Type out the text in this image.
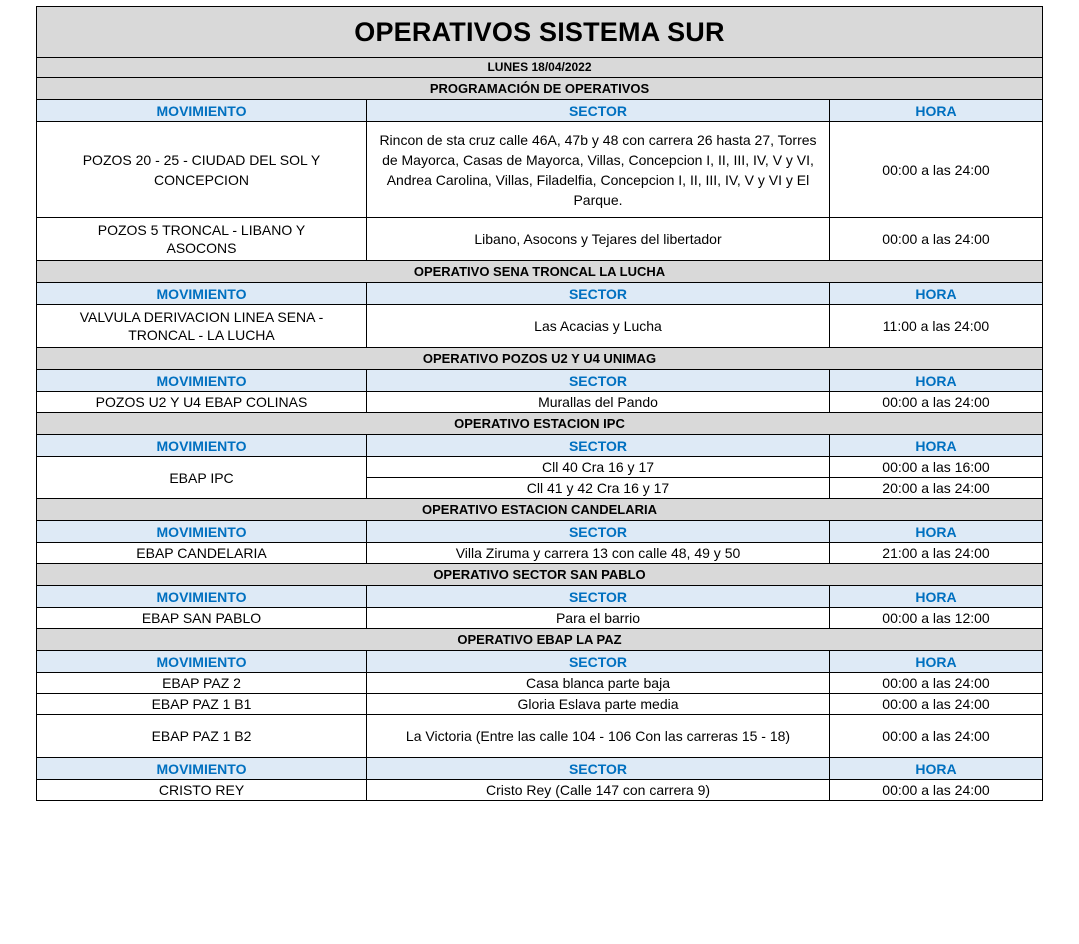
OPERATIVOS SISTEMA SUR		
LUNES 18/04/2022		
PROGRAMACIÓN DE OPERATIVOS		
MOVIMIENTO	SECTOR	HORA
POZOS 20 - 25 - CIUDAD DEL SOL Y CONCEPCION	Rincon de sta cruz calle 46A, 47b y 48 con carrera 26 hasta 27, Torres de Mayorca, Casas de Mayorca, Villas, Concepcion I, II, III, IV, V y VI, Andrea Carolina, Villas, Filadelfia, Concepcion I, II, III, IV, V y VI y El Parque.	00:00 a las 24:00
POZOS 5 TRONCAL - LIBANO Y ASOCONS	Libano, Asocons y Tejares del libertador	00:00 a las 24:00
OPERATIVO SENA TRONCAL LA LUCHA		
MOVIMIENTO	SECTOR	HORA
VALVULA DERIVACION LINEA SENA - TRONCAL - LA LUCHA	Las Acacias y Lucha	11:00 a las 24:00
OPERATIVO POZOS U2 Y U4 UNIMAG		
MOVIMIENTO	SECTOR	HORA
POZOS U2 Y U4 EBAP COLINAS	Murallas del Pando	00:00 a las 24:00
OPERATIVO ESTACION IPC		
MOVIMIENTO	SECTOR	HORA
EBAP IPC	Cll 40 Cra 16 y 17	00:00 a las 16:00
	Cll 41 y 42 Cra 16 y 17	20:00 a las 24:00
OPERATIVO ESTACION CANDELARIA		
MOVIMIENTO	SECTOR	HORA
EBAP CANDELARIA	Villa Ziruma y carrera 13 con calle 48, 49 y 50	21:00 a las 24:00
OPERATIVO SECTOR SAN PABLO		
MOVIMIENTO	SECTOR	HORA
EBAP SAN PABLO	Para el barrio	00:00 a las 12:00
OPERATIVO EBAP LA PAZ		
MOVIMIENTO	SECTOR	HORA
EBAP PAZ 2	Casa blanca parte baja	00:00 a las 24:00
EBAP PAZ 1 B1	Gloria Eslava parte media	00:00 a las 24:00
EBAP PAZ 1 B2	La Victoria (Entre las calle 104 - 106 Con las carreras 15 - 18)	00:00 a las 24:00
MOVIMIENTO	SECTOR	HORA
CRISTO REY	Cristo Rey (Calle 147 con carrera 9)	00:00 a las 24:00
